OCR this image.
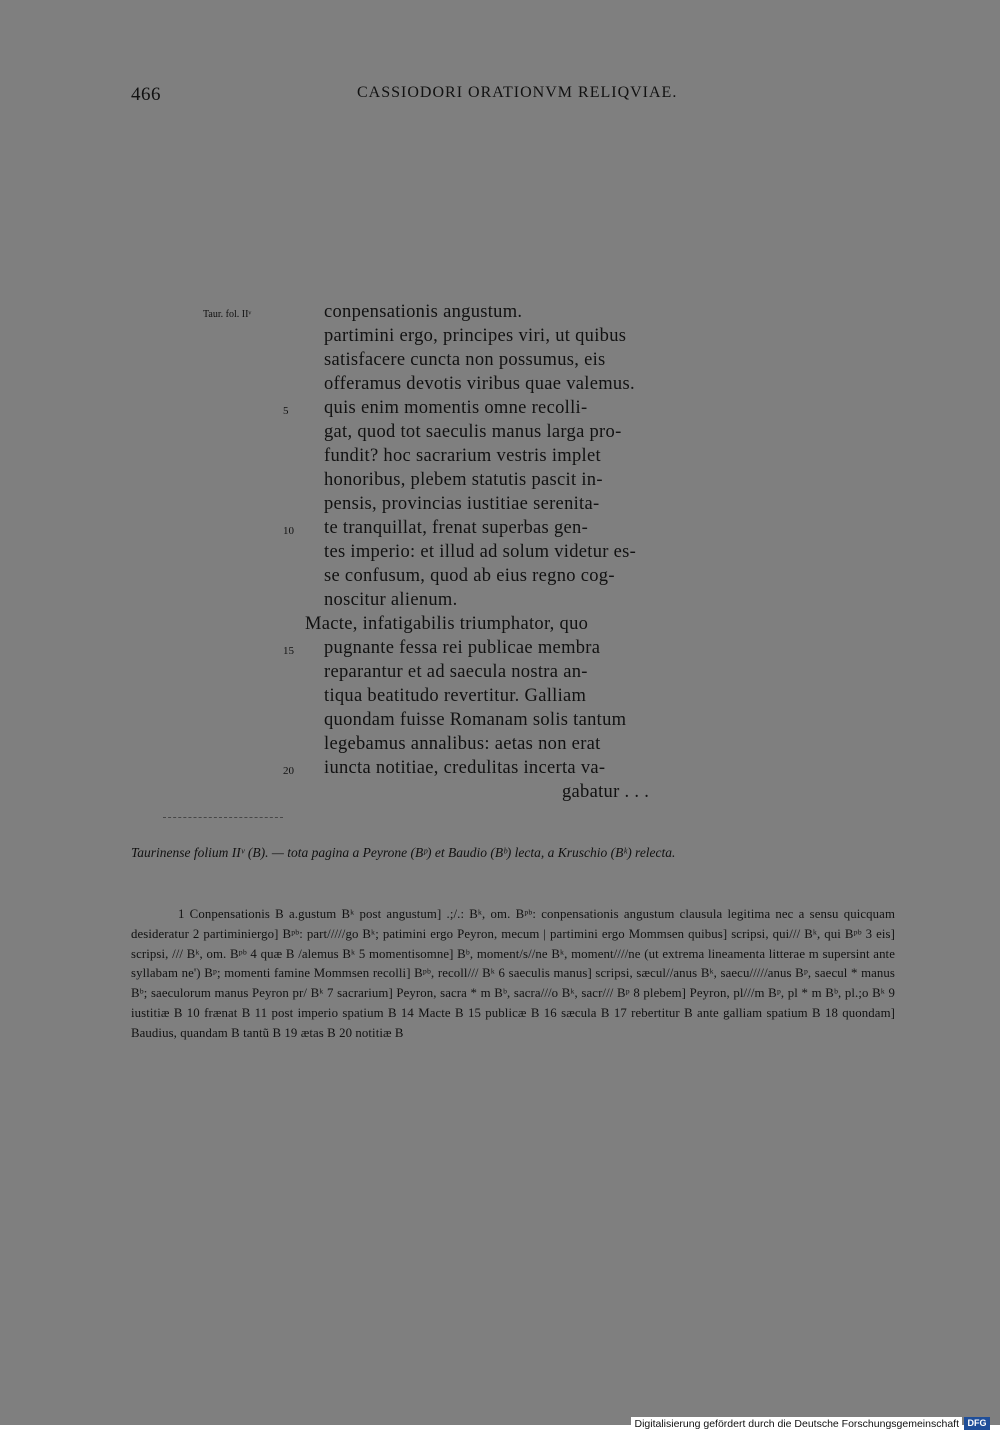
466	CASSIODORI ORATIONVM RELIQVIAE.
Taur. fol. IIᵛ	conpensationis angustum.
partimini ergo, principes viri, ut quibus
satisfacere cuncta non possumus, eis
offeramus devotis viribus quae valemus.
quis enim momentis omne recolli-
gat, quod tot saeculis manus larga pro-
fundit? hoc sacrarium vestris implet
honoribus, plebem statutis pascit in-
pensis, provincias iustitiae serenita-
te tranquillat, frenat superbas gen-
tes imperio: et illud ad solum videtur es-
se confusum, quod ab eius regno cog-
noscitur alienum.
Macte, infatigabilis triumphator, quo
pugnante fessa rei publicae membra
reparantur et ad saecula nostra an-
tiqua beatitudo revertitur. Galliam
quondam fuisse Romanam solis tantum
legebamus annalibus: aetas non erat
iuncta notitiae, credulitas incerta va-
gabatur . . .
5
10
15
20
Taurinense folium IIᵛ (B). — tota pagina a Peyrone (Bᵖ) et Baudio (Bᵇ) lecta, a Kruschio (Bᵏ) relecta.
1 Conpensationis B a.gustum Bᵏ post angustum] .;/.: Bᵏ, om. Bᵖᵇ: conpensationis angustum clausula legitima nec a sensu quicquam desideratur 2 partiminiergo] Bᵖᵇ: part/////go Bᵏ; patimini ergo Peyron, mecum | partimini ergo Mommsen quibus] scripsi, qui/// Bᵏ, qui Bᵖᵇ 3 eis] scripsi, /// Bᵏ, om. Bᵖᵇ 4 quæ B /alemus Bᵏ 5 momentisomne] Bᵇ, moment/s//ne Bᵏ, moment////ne (ut extrema lineamenta litterae m supersint ante syllabam ne') Bᵖ; momenti famine Mommsen recolli] Bᵖᵇ, recoll/// Bᵏ 6 saeculis manus] scripsi, sæcul//anus Bᵏ, saecu/////anus Bᵖ, saecul * manus Bᵇ; saeculorum manus Peyron pr/ Bᵏ 7 sacrarium] Peyron, sacra * m Bᵇ, sacra///o Bᵏ, sacr/// Bᵖ 8 plebem] Peyron, pl///m Bᵖ, pl * m Bᵇ, pl.;o Bᵏ 9 iustitiæ B 10 frænat B 11 post imperio spatium B 14 Macte B 15 publicæ B 16 sæcula B 17 rebertitur B ante galliam spatium B 18 quondam] Baudius, quandam B tantũ B 19 ætas B 20 notitiæ B
Digitalisierung gefördert durch die Deutsche Forschungsgemeinschaft DFG
